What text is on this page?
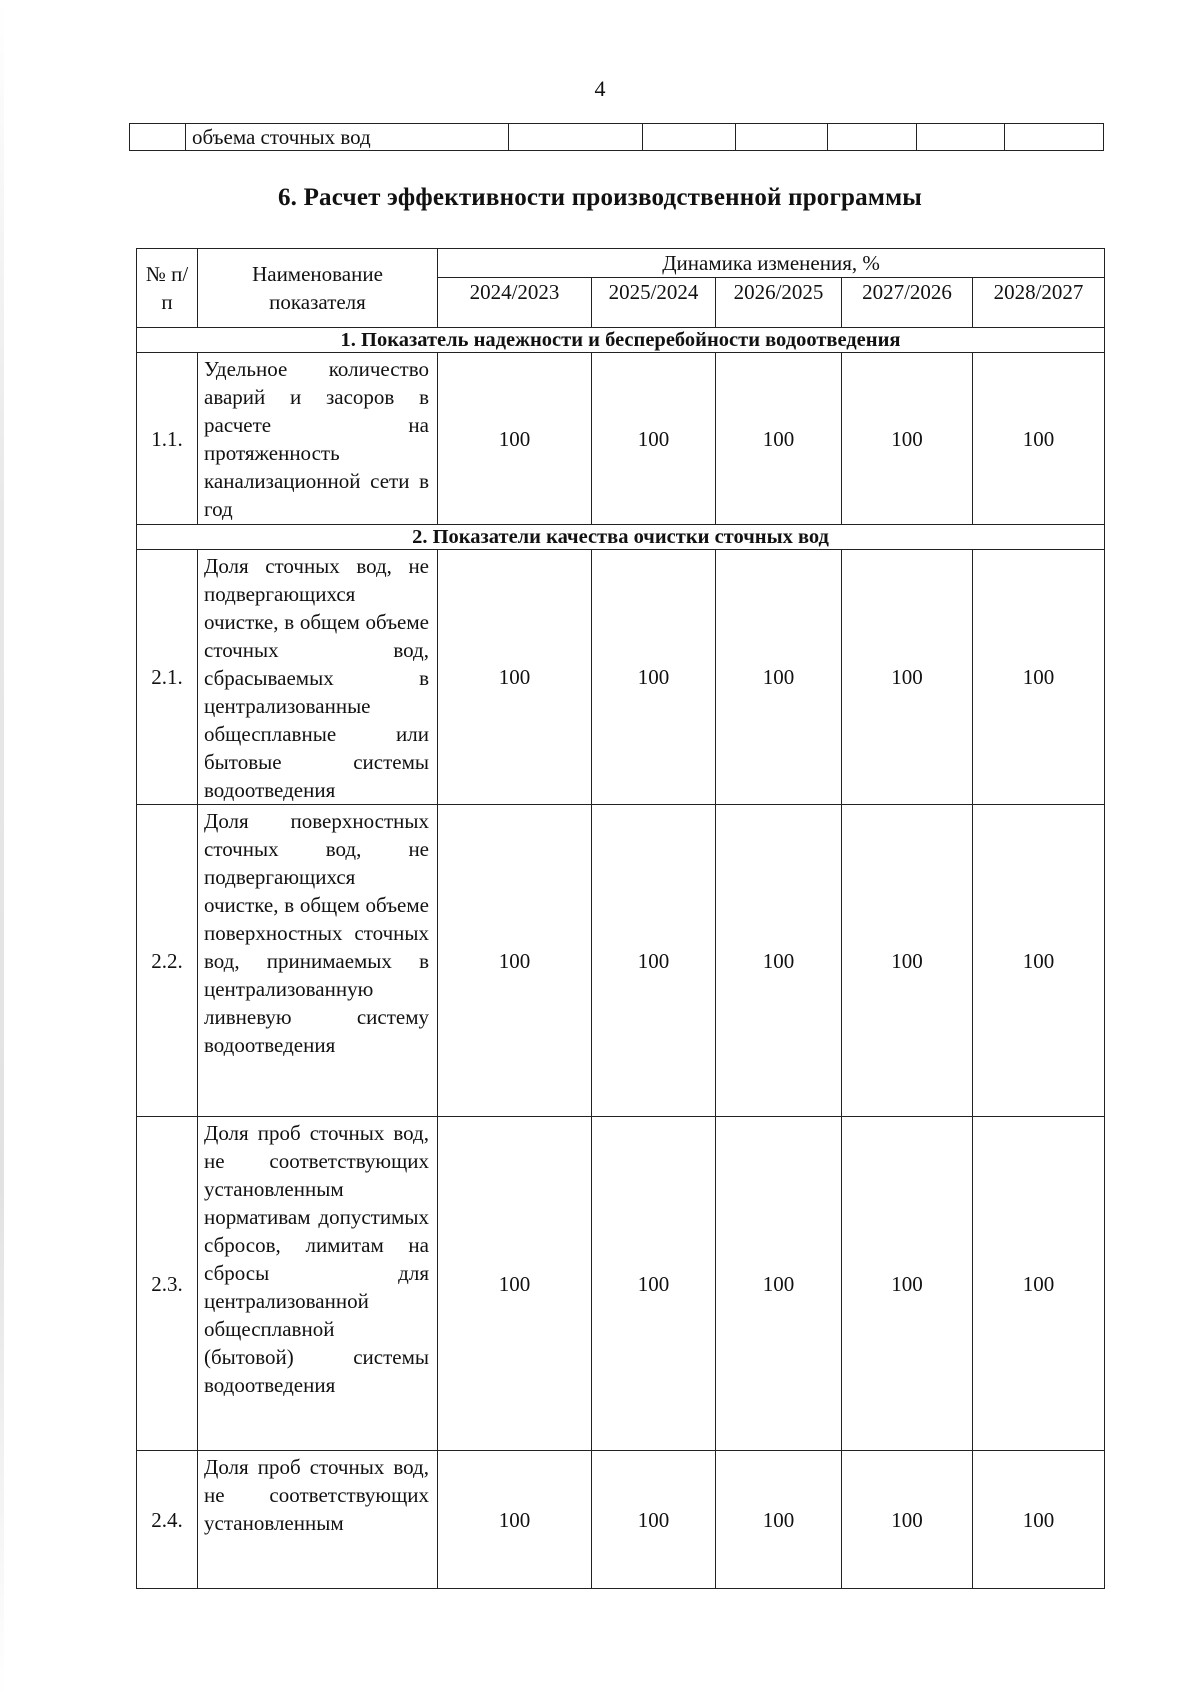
4
	объема сточных вод						
6. Расчет эффективности производственной программы
№ п/п	Наименование показателя	Динамика изменения, %				
		2024/2023	2025/2024	2026/2025	2027/2026	2028/2027
1. Показатель надежности и бесперебойности водоотведения						
1.1.	Удельное количество аварий и засоров в расчете на протяженность канализационной сети в год	100	100	100	100	100
2. Показатели качества очистки сточных вод						
2.1.	Доля сточных вод, не подвергающихся очистке, в общем объеме сточных вод, сбрасываемых в централизованные общесплавные или бытовые системы водоотведения	100	100	100	100	100
2.2.	Доля поверхностных сточных вод, не подвергающихся очистке, в общем объеме поверхностных сточных вод, принимаемых в централизованную ливневую систему водоотведения	100	100	100	100	100
2.3.	Доля проб сточных вод, не соответствующих установленным нормативам допустимых сбросов, лимитам на сбросы для централизованной общесплавной (бытовой) системы водоотведения	100	100	100	100	100
2.4.	Доля проб сточных вод, не соответствующих установленным	100	100	100	100	100
